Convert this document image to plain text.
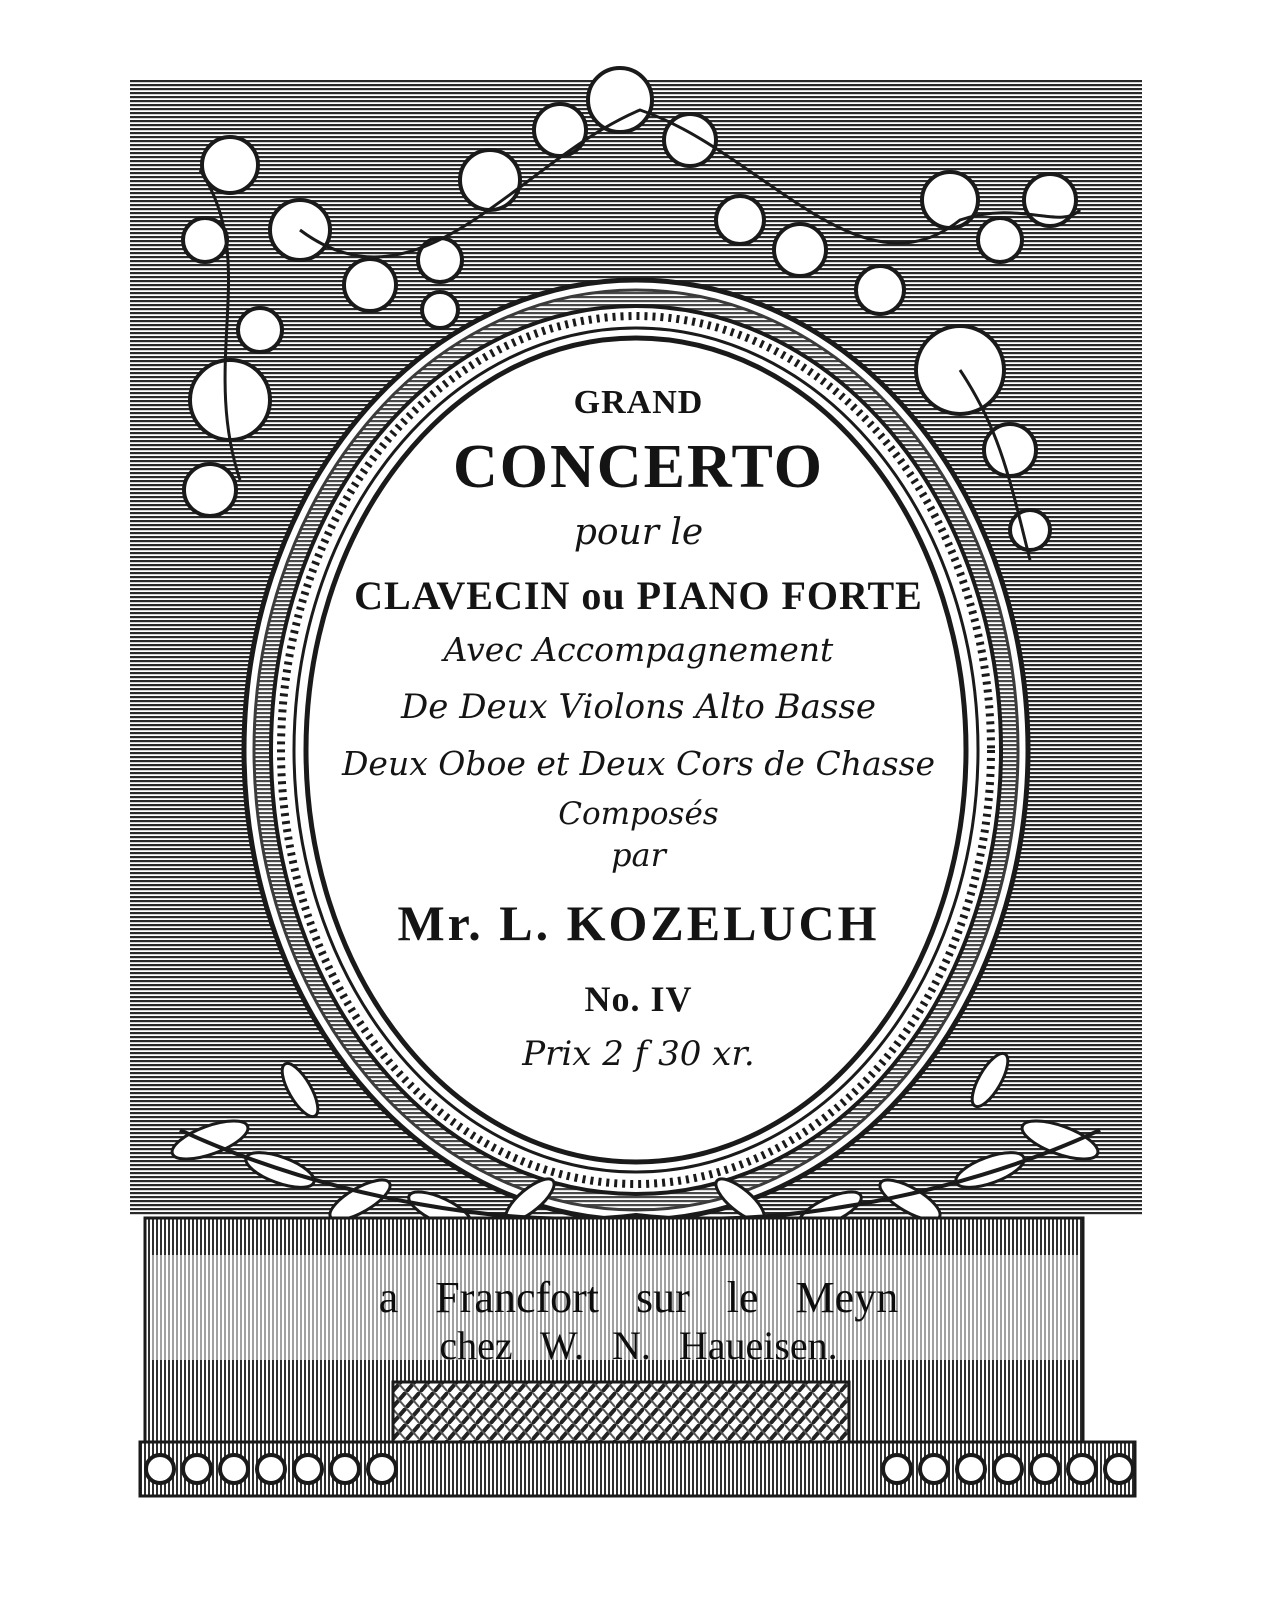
GRAND
CONCERTO
pour le
CLAVECIN ou PIANO FORTE
Avec Accompagnement
De Deux Violons Alto Basse
Deux Oboe et Deux Cors de Chasse
Composés
par
Mr. L. KOZELUCH
No. IV
Prix 2 f 30 xr.
a Francfort sur le Meyn
chez W. N. Haueisen.
